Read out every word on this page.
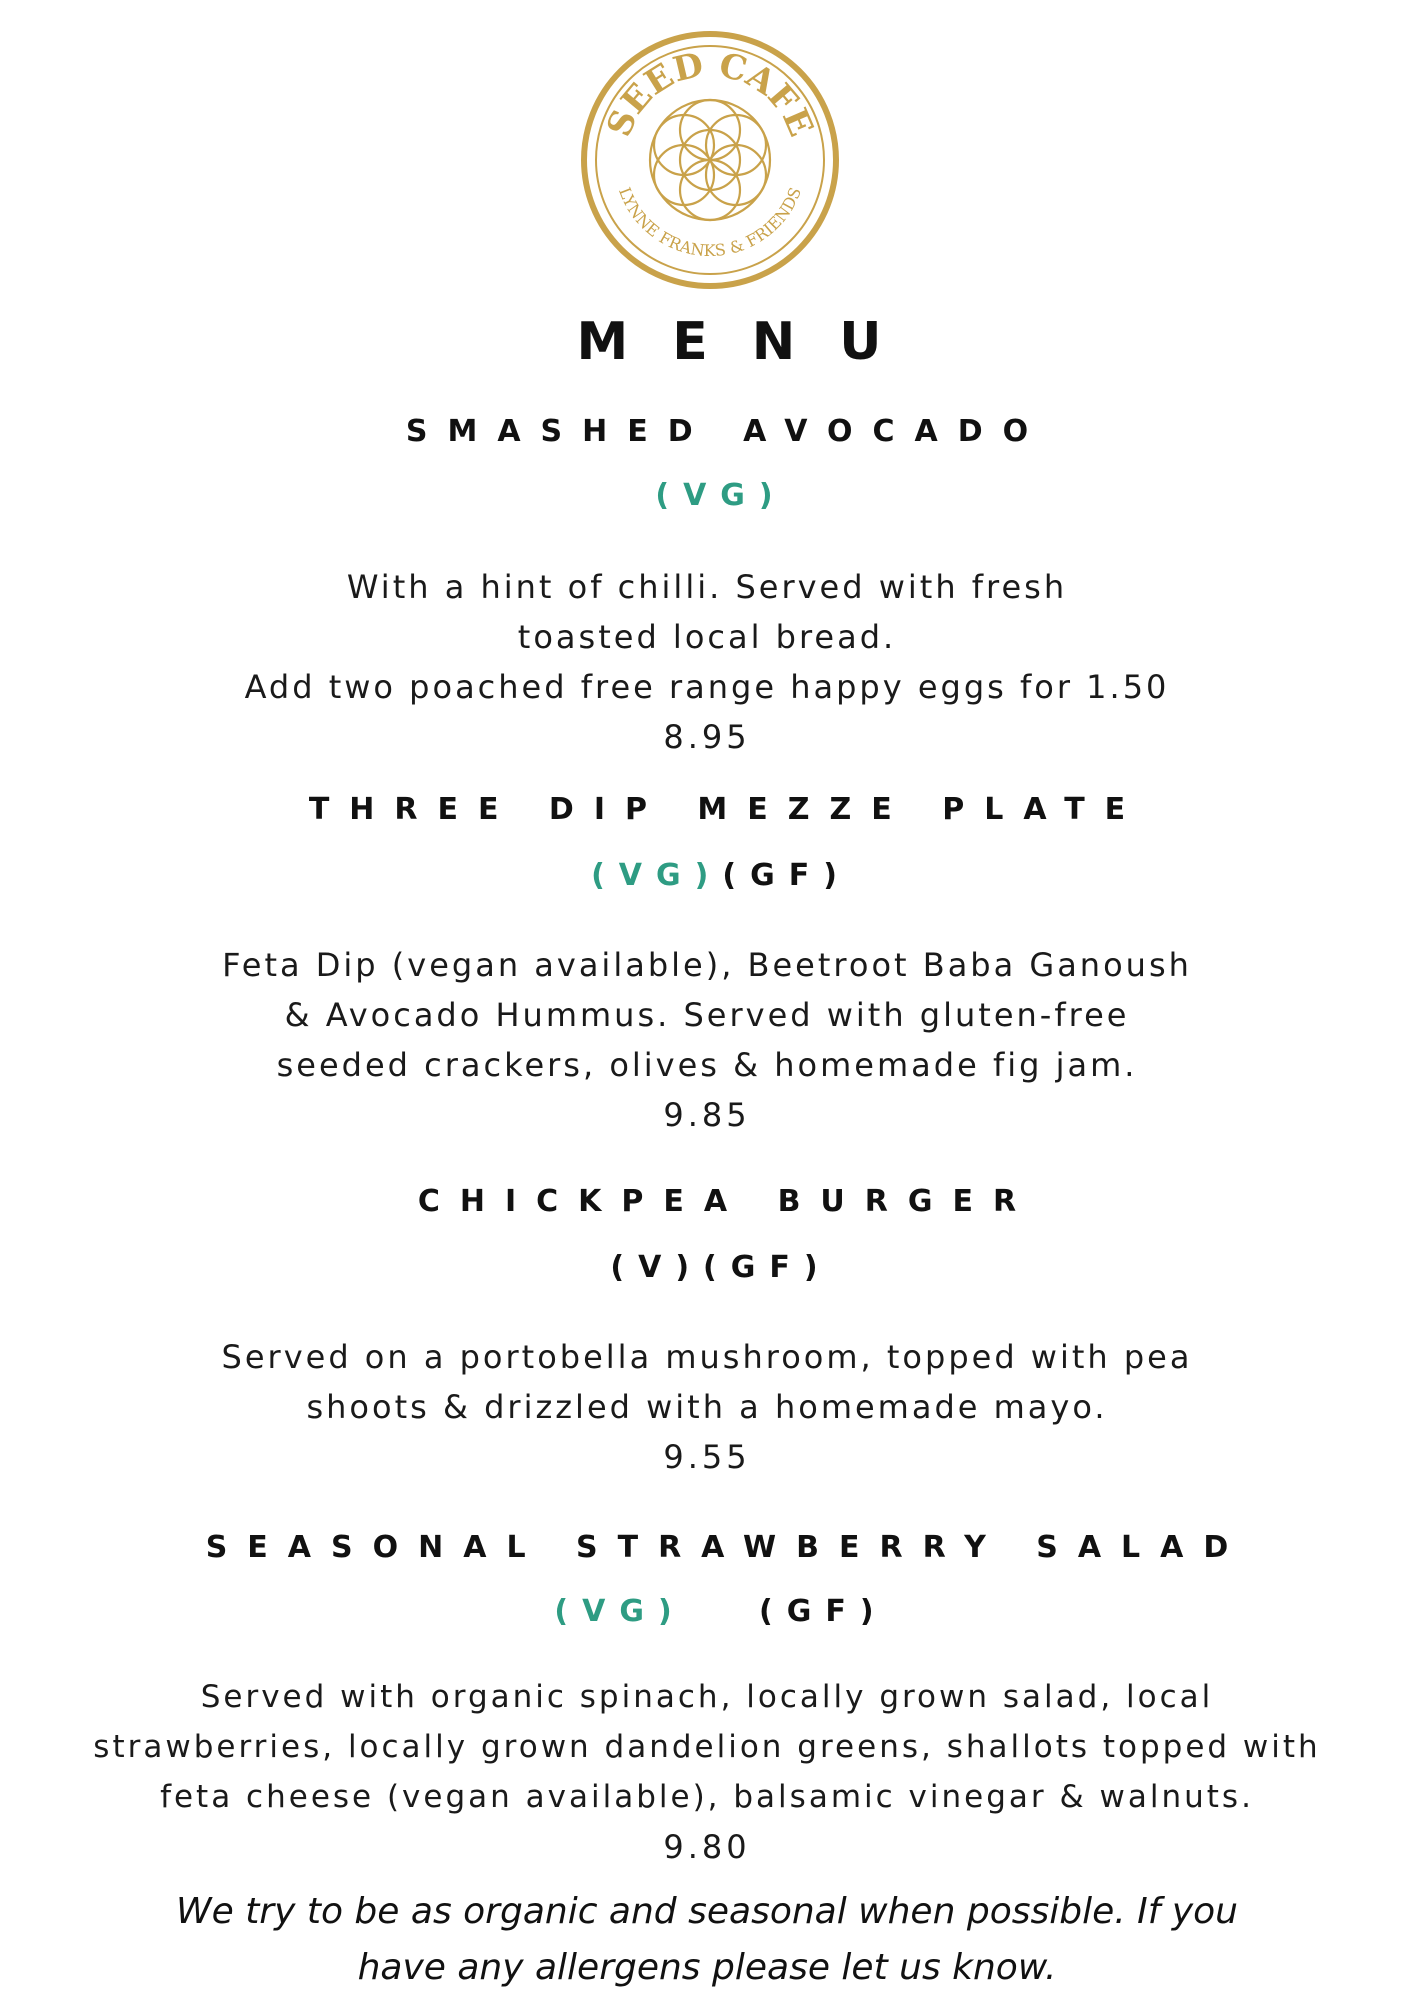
SEED CAFE
LYNNE FRANKS & FRIENDS
MENU
SMASHED AVOCADO
(VG)
With a hint of chilli. Served with fresh
toasted local bread.
Add two poached free range happy eggs for 1.50
8.95
THREE DIP MEZZE PLATE
(VG)(GF)
Feta Dip (vegan available), Beetroot Baba Ganoush
& Avocado Hummus. Served with gluten-free
seeded crackers, olives & homemade fig jam.
9.85
CHICKPEA BURGER
(V)(GF)
Served on a portobella mushroom, topped with pea
shoots & drizzled with a homemade mayo.
9.55
SEASONAL STRAWBERRY SALAD
(VG) (GF)
Served with organic spinach, locally grown salad, local
strawberries, locally grown dandelion greens, shallots topped with
feta cheese (vegan available), balsamic vinegar & walnuts.
9.80
We try to be as organic and seasonal when possible. If you
have any allergens please let us know.
